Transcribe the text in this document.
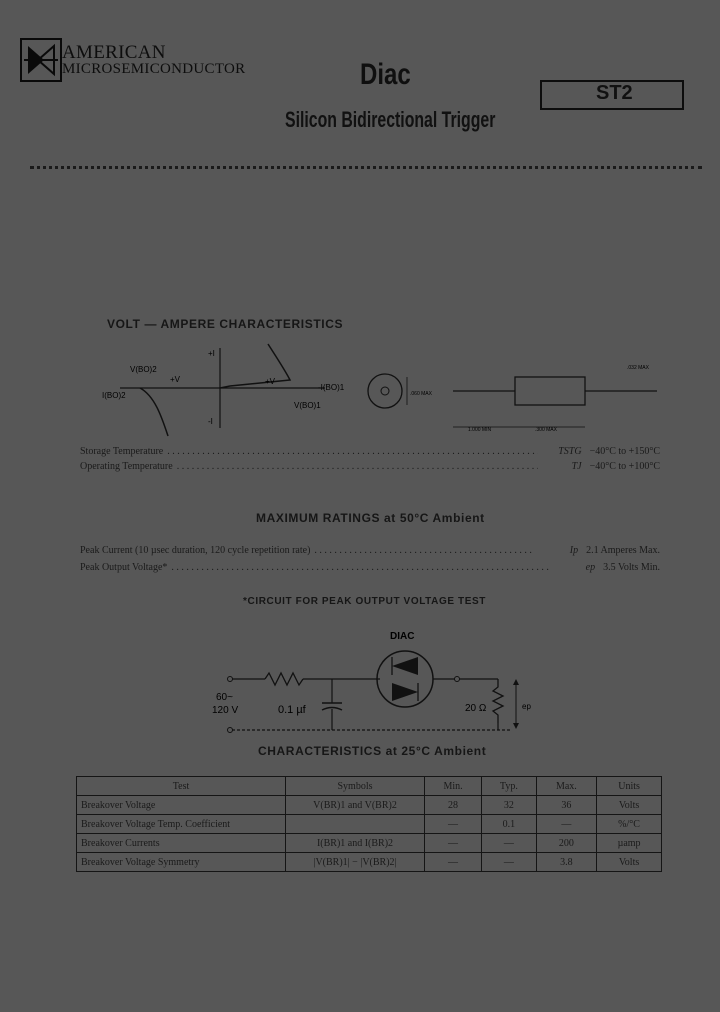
AMERICAN
MICROSEMICONDUCTOR	Diac
Silicon Bidirectional Trigger
ST2
VOLT — AMPERE CHARACTERISTICS
V(BO)2
I(BO)2
+V	+V
+I
-I
-I(BO)1
V(BO)1
.060 MAX
1.000 MIN	.300 MAX
.032 MAX
Storage Temperature . . .	TSTG −40°C to +150°C
Operating Temperature . . .	TJ −40°C to +100°C
MAXIMUM RATINGS at 50°C Ambient
Peak Current (10 µsec duration, 120 cycle repetition rate) . . .	Ip 2.1 Amperes Max.
Peak Output Voltage* . . .	ep 3.5 Volts Min.
*CIRCUIT FOR PEAK OUTPUT VOLTAGE TEST
DIAC
ep
60~
120 V	0.1 µf	20 Ω
CHARACTERISTICS at 25°C Ambient
Test	Symbols	Min.	Typ.	Max.	Units
Breakover Voltage	V(BR)1 and V(BR)2	28	32	36	Volts
Breakover Voltage Temp. Coefficient		—	0.1	—	%/°C
Breakover Currents	I(BR)1 and I(BR)2	—	—	200	µamp
Breakover Voltage Symmetry	|V(BR)1| − |V(BR)2|	—	—	3.8	Volts
